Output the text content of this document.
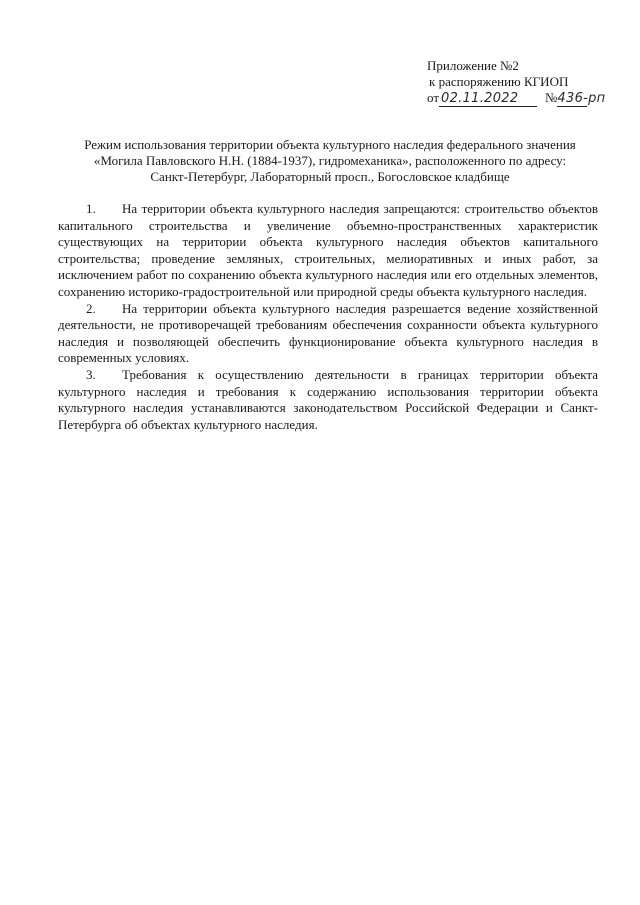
Приложение №2
к распоряжению КГИОП
от 02.11.2022 №436-рп
Режим использования территории объекта культурного наследия федерального значения
«Могила Павловского Н.Н. (1884-1937), гидромеханика», расположенного по адресу:
Санкт-Петербург, Лабораторный просп., Богословское кладбище

1. На территории объекта культурного наследия запрещаются: строительство объектов капитального строительства и увеличение объемно-пространственных характеристик существующих на территории объекта культурного наследия объектов капитального строительства; проведение земляных, строительных, мелиоративных и иных работ, за исключением работ по сохранению объекта культурного наследия или его отдельных элементов, сохранению историко-градостроительной или природной среды объекта культурного наследия.

2. На территории объекта культурного наследия разрешается ведение хозяйственной деятельности, не противоречащей требованиям обеспечения сохранности объекта культурного наследия и позволяющей обеспечить функционирование объекта культурного наследия в современных условиях.

3. Требования к осуществлению деятельности в границах территории объекта культурного наследия и требования к содержанию использования территории объекта культурного наследия устанавливаются законодательством Российской Федерации и Санкт-Петербурга об объектах культурного наследия.
